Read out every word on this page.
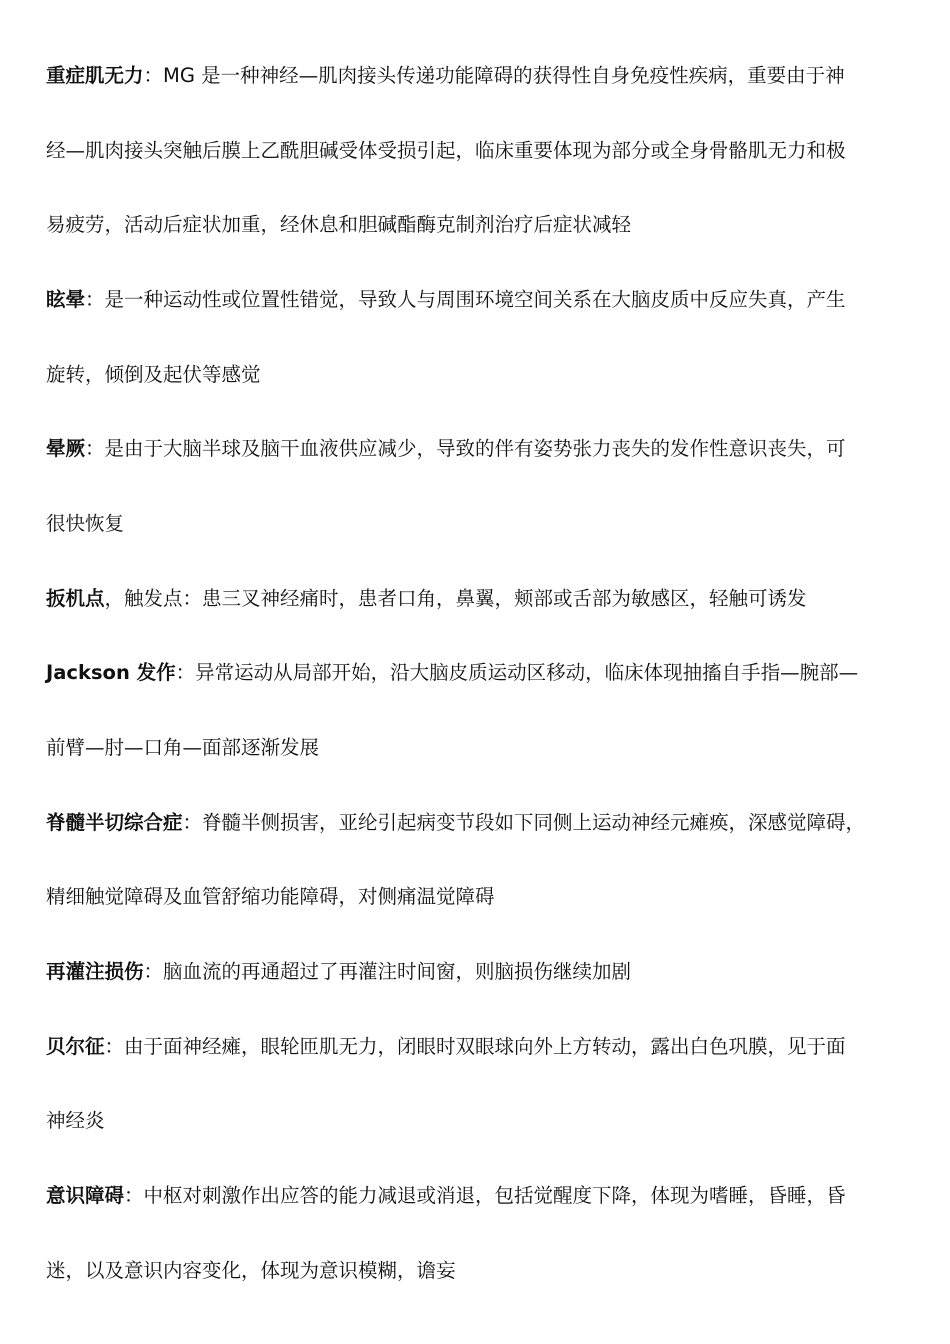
重症肌无力：MG 是一种神经—肌肉接头传递功能障碍的获得性自身免疫性疾病，重要由于神
经—肌肉接头突触后膜上乙酰胆碱受体受损引起，临床重要体现为部分或全身骨骼肌无力和极
易疲劳，活动后症状加重，经休息和胆碱酯酶克制剂治疗后症状减轻
眩晕：是一种运动性或位置性错觉，导致人与周围环境空间关系在大脑皮质中反应失真，产生
旋转，倾倒及起伏等感觉
晕厥：是由于大脑半球及脑干血液供应减少，导致的伴有姿势张力丧失的发作性意识丧失，可
很快恢复
扳机点，触发点：患三叉神经痛时，患者口角，鼻翼，颊部或舌部为敏感区，轻触可诱发
Jackson 发作：异常运动从局部开始，沿大脑皮质运动区移动，临床体现抽搐自手指—腕部—
前臂—肘—口角—面部逐渐发展
脊髓半切综合症：脊髓半侧损害，亚纶引起病变节段如下同侧上运动神经元瘫痪，深感觉障碍，
精细触觉障碍及血管舒缩功能障碍，对侧痛温觉障碍
再灌注损伤：脑血流的再通超过了再灌注时间窗，则脑损伤继续加剧
贝尔征：由于面神经瘫，眼轮匝肌无力，闭眼时双眼球向外上方转动，露出白色巩膜，见于面
神经炎
意识障碍：中枢对刺激作出应答的能力减退或消退，包括觉醒度下降，体现为嗜睡，昏睡，昏
迷，以及意识内容变化，体现为意识模糊，谵妄
